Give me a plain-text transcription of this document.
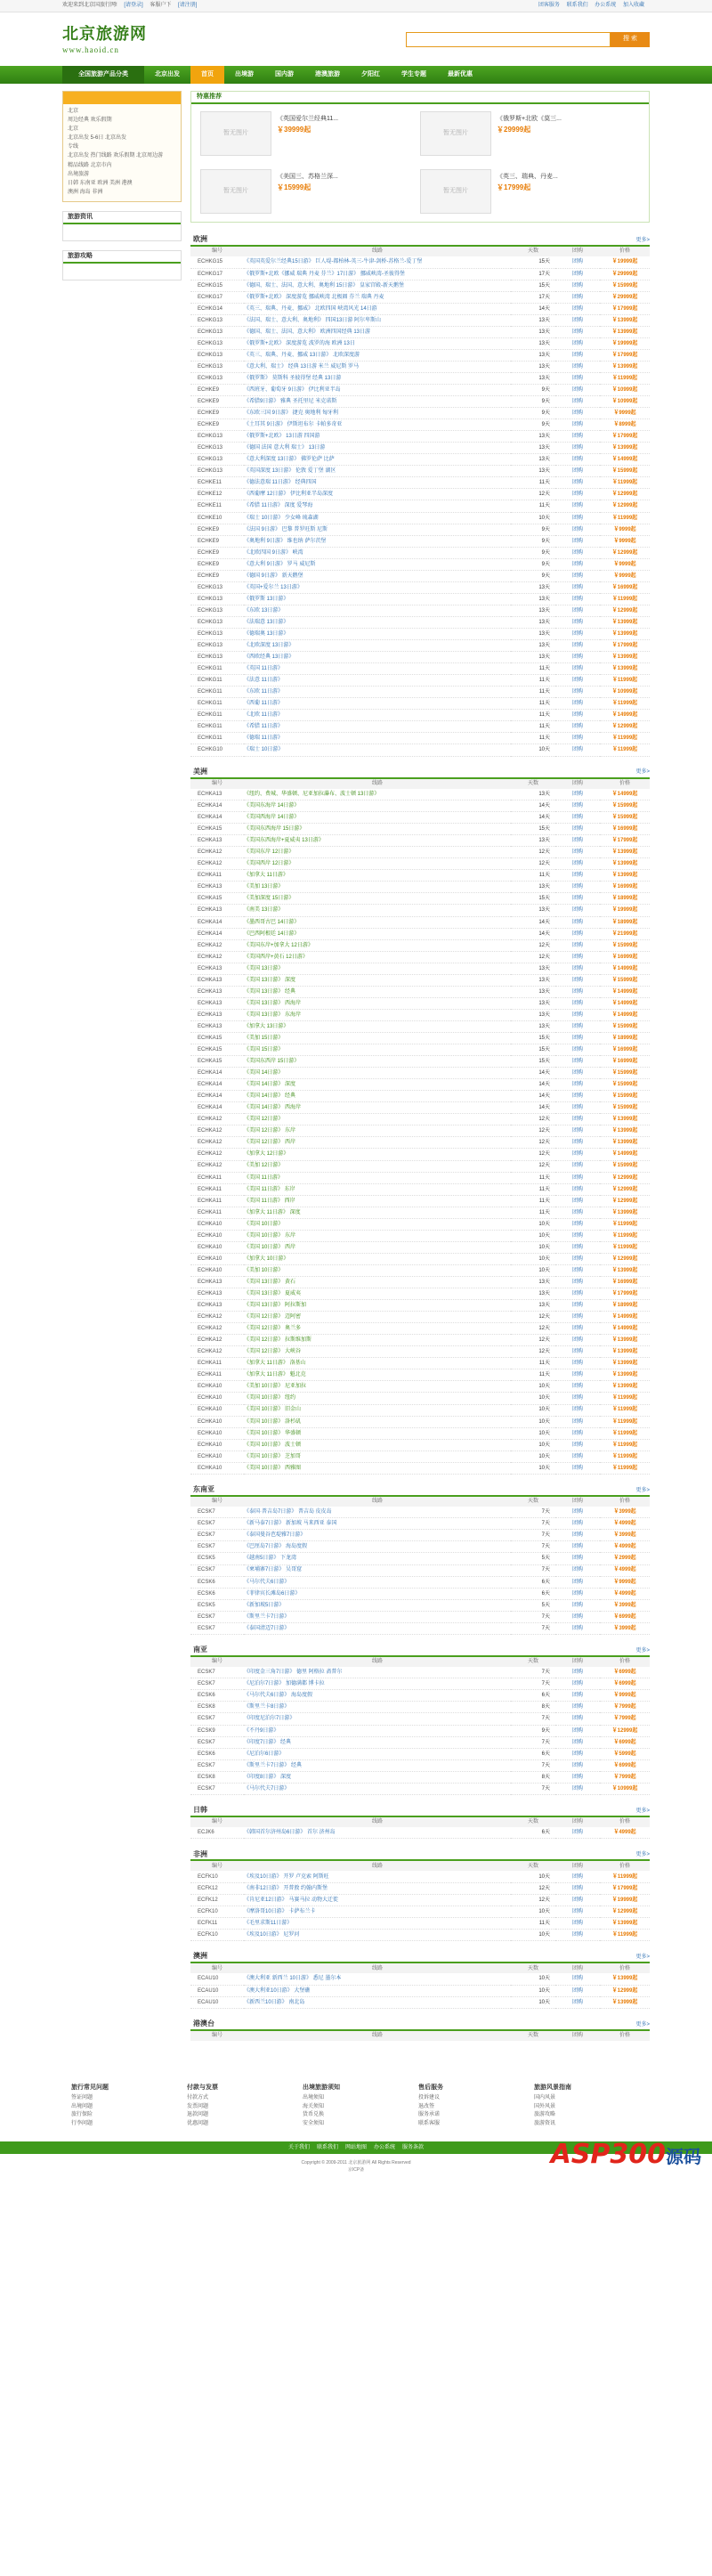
欢迎来到北京国旅行网! [请登录] 客服户下 [请注册]	团客服务 联系我们 办公系统 加入收藏
北京旅游网
www.haoid.cn
搜 索
全国旅游产品分类	北京出发	首页	出境游	国内游	港澳旅游	夕阳红	学生专题	最新优惠

北京

周边经典 欢乐假期

北京

北京出发 5-6日 北京出发

专线

北京出发 热门线路 欢乐假期 北京周边游

精品线路 北京市内

出境旅游

日韩 东南亚 欧洲 美洲 港澳

澳洲 海岛 非洲

旅游资讯
旅游攻略
特惠推荐
暂无图片
《英国爱尔兰经典11...
￥39999起	暂无图片
《俄罗斯+北欧《莫三...
￥29999起
暂无图片
《美国三、苏格兰深...
￥15999起	暂无图片
《英三、瑞典、丹麦...
￥17999起
欧洲	更多>
编号	线路	天数	团购	价格
ECHKG15	《英国英爱尔兰经典15日游》 巨人堤-都柏林-英三-牛津-剑桥-苏格兰-爱丁堡	15天	团购	￥19999起
ECHKG17	《俄罗斯+北欧《挪威 瑞典 丹麦 芬兰》17日游》 挪威峡湾-圣彼得堡	17天	团购	￥29999起
ECHKG15	《德国、瑞士、法国、意大利、奥地利 15日游》 皇家宫殿-新天鹅堡	15天	团购	￥15999起
ECHKG17	《俄罗斯+北欧》 深度游览 挪威峡湾 北极圈 芬兰 瑞典 丹麦	17天	团购	￥29999起
ECHKG14	《英三、瑞典、丹麦、挪威》 北欧四国 峡湾风光 14日游	14天	团购	￥17999起
ECHKG13	《法国、瑞士、意大利、奥地利》 四国13日游 阿尔卑斯山	13天	团购	￥13999起
ECHKG13	《德国、瑞士、法国、意大利》 欧洲四国经典 13日游	13天	团购	￥13999起
ECHKG13	《俄罗斯+北欧》 深度游览 波罗的海 欧洲 13日	13天	团购	￥19999起
ECHKG13	《英三、瑞典、丹麦、挪威 13日游》 北欧深度游	13天	团购	￥17999起
ECHKG13	《意大利、瑞士》 经典 13日游 米兰 威尼斯 罗马	13天	团购	￥13999起
ECHKG13	《俄罗斯》 莫斯科 圣彼得堡 经典 13日游	13天	团购	￥11999起
ECHKE9	《西班牙、葡萄牙 9日游》 伊比利亚半岛	9天	团购	￥10999起
ECHKE9	《希腊9日游》 雅典 圣托里尼 米克诺斯	9天	团购	￥10999起
ECHKE9	《东欧三国 9日游》 捷克 奥地利 匈牙利	9天	团购	￥9999起
ECHKE9	《土耳其 9日游》 伊斯坦布尔 卡帕多奇亚	9天	团购	￥8999起
ECHKG13	《俄罗斯+北欧》 13日游 四国游	13天	团购	￥17999起
ECHKG13	《德国 法国 意大利 瑞士》 13日游	13天	团购	￥13999起
ECHKG13	《意大利深度 13日游》 佛罗伦萨 比萨	13天	团购	￥14999起
ECHKG13	《英国深度 13日游》 伦敦 爱丁堡 湖区	13天	团购	￥15999起
ECHKE11	《德法意瑞 11日游》 经典四国	11天	团购	￥11999起
ECHKE12	《西葡摩 12日游》 伊比利亚半岛深度	12天	团购	￥12999起
ECHKE11	《希腊 11日游》 深度 爱琴海	11天	团购	￥12999起
ECHKE10	《瑞士 10日游》 少女峰 琉森湖	10天	团购	￥11999起
ECHKE9	《法国 9日游》 巴黎 普罗旺斯 尼斯	9天	团购	￥9999起
ECHKE9	《奥地利 9日游》 维也纳 萨尔茨堡	9天	团购	￥9999起
ECHKE9	《北欧四国 9日游》 峡湾	9天	团购	￥12999起
ECHKE9	《意大利 9日游》 罗马 威尼斯	9天	团购	￥9999起
ECHKE9	《德国 9日游》 新天鹅堡	9天	团购	￥9999起
ECHKG13	《英国+爱尔兰 13日游》	13天	团购	￥16999起
ECHKG13	《俄罗斯 13日游》	13天	团购	￥11999起
ECHKG13	《东欧 13日游》	13天	团购	￥12999起
ECHKG13	《法瑞意 13日游》	13天	团购	￥13999起
ECHKG13	《德瑞奥 13日游》	13天	团购	￥13999起
ECHKG13	《北欧深度 13日游》	13天	团购	￥17999起
ECHKG13	《西欧经典 13日游》	13天	团购	￥13999起
ECHKG11	《英国 11日游》	11天	团购	￥13999起
ECHKG11	《法意 11日游》	11天	团购	￥11999起
ECHKG11	《东欧 11日游》	11天	团购	￥10999起
ECHKG11	《西葡 11日游》	11天	团购	￥11999起
ECHKG11	《北欧 11日游》	11天	团购	￥14999起
ECHKG11	《希腊 11日游》	11天	团购	￥12999起
ECHKG11	《德瑞 11日游》	11天	团购	￥11999起
ECHKG10	《瑞士 10日游》	10天	团购	￥11999起
美洲	更多>
编号	线路	天数	团购	价格
ECHKA13	《纽约、费城、华盛顿、尼亚加拉瀑布、波士顿 13日游》	13天	团购	￥14999起
ECHKA14	《美国东海岸 14日游》	14天	团购	￥15999起
ECHKA14	《美国西海岸 14日游》	14天	团购	￥15999起
ECHKA15	《美国东西海岸 15日游》	15天	团购	￥16999起
ECHKA13	《美国东西海岸+夏威夷 13日游》	13天	团购	￥17999起
ECHKA12	《美国东岸 12日游》	12天	团购	￥13999起
ECHKA12	《美国西岸 12日游》	12天	团购	￥13999起
ECHKA11	《加拿大 11日游》	11天	团购	￥13999起
ECHKA13	《美加 13日游》	13天	团购	￥16999起
ECHKA15	《美加深度 15日游》	15天	团购	￥18999起
ECHKA13	《南美 13日游》	13天	团购	￥19999起
ECHKA14	《墨西哥古巴 14日游》	14天	团购	￥18999起
ECHKA14	《巴西阿根廷 14日游》	14天	团购	￥21999起
ECHKA12	《美国东岸+加拿大 12日游》	12天	团购	￥15999起
ECHKA12	《美国西岸+黄石 12日游》	12天	团购	￥16999起
ECHKA13	《美国 13日游》	13天	团购	￥14999起
ECHKA13	《美国 13日游》 深度	13天	团购	￥15999起
ECHKA13	《美国 13日游》 经典	13天	团购	￥14999起
ECHKA13	《美国 13日游》 西海岸	13天	团购	￥14999起
ECHKA13	《美国 13日游》 东海岸	13天	团购	￥14999起
ECHKA13	《加拿大 13日游》	13天	团购	￥15999起
ECHKA15	《美加 15日游》	15天	团购	￥18999起
ECHKA15	《美国 15日游》	15天	团购	￥16999起
ECHKA15	《美国东西岸 15日游》	15天	团购	￥16999起
ECHKA14	《美国 14日游》	14天	团购	￥15999起
ECHKA14	《美国 14日游》 深度	14天	团购	￥15999起
ECHKA14	《美国 14日游》 经典	14天	团购	￥15999起
ECHKA14	《美国 14日游》 西海岸	14天	团购	￥15999起
ECHKA12	《美国 12日游》	12天	团购	￥13999起
ECHKA12	《美国 12日游》 东岸	12天	团购	￥13999起
ECHKA12	《美国 12日游》 西岸	12天	团购	￥13999起
ECHKA12	《加拿大 12日游》	12天	团购	￥14999起
ECHKA12	《美加 12日游》	12天	团购	￥15999起
ECHKA11	《美国 11日游》	11天	团购	￥12999起
ECHKA11	《美国 11日游》 东岸	11天	团购	￥12999起
ECHKA11	《美国 11日游》 西岸	11天	团购	￥12999起
ECHKA11	《加拿大 11日游》 深度	11天	团购	￥13999起
ECHKA10	《美国 10日游》	10天	团购	￥11999起
ECHKA10	《美国 10日游》 东岸	10天	团购	￥11999起
ECHKA10	《美国 10日游》 西岸	10天	团购	￥11999起
ECHKA10	《加拿大 10日游》	10天	团购	￥12999起
ECHKA10	《美加 10日游》	10天	团购	￥13999起
ECHKA13	《美国 13日游》 黄石	13天	团购	￥16999起
ECHKA13	《美国 13日游》 夏威夷	13天	团购	￥17999起
ECHKA13	《美国 13日游》 阿拉斯加	13天	团购	￥18999起
ECHKA12	《美国 12日游》 迈阿密	12天	团购	￥14999起
ECHKA12	《美国 12日游》 奥兰多	12天	团购	￥14999起
ECHKA12	《美国 12日游》 拉斯维加斯	12天	团购	￥13999起
ECHKA12	《美国 12日游》 大峡谷	12天	团购	￥13999起
ECHKA11	《加拿大 11日游》 洛基山	11天	团购	￥13999起
ECHKA11	《加拿大 11日游》 魁北克	11天	团购	￥13999起
ECHKA10	《美加 10日游》 尼亚加拉	10天	团购	￥13999起
ECHKA10	《美国 10日游》 纽约	10天	团购	￥11999起
ECHKA10	《美国 10日游》 旧金山	10天	团购	￥11999起
ECHKA10	《美国 10日游》 洛杉矶	10天	团购	￥11999起
ECHKA10	《美国 10日游》 华盛顿	10天	团购	￥11999起
ECHKA10	《美国 10日游》 波士顿	10天	团购	￥11999起
ECHKA10	《美国 10日游》 芝加哥	10天	团购	￥11999起
ECHKA10	《美国 10日游》 西雅图	10天	团购	￥11999起
东南亚	更多>
编号	线路	天数	团购	价格
ECSK7	《泰国·普吉岛7日游》 普吉岛 皮皮岛	7天	团购	￥3999起
ECSK7	《新马泰7日游》 新加坡 马来西亚 泰国	7天	团购	￥4999起
ECSK7	《泰国曼谷芭堤雅7日游》	7天	团购	￥3999起
ECSK7	《巴厘岛7日游》 海岛度假	7天	团购	￥4999起
ECSK5	《越南5日游》 下龙湾	5天	团购	￥2999起
ECSK7	《柬埔寨7日游》 吴哥窟	7天	团购	￥4999起
ECSK6	《马尔代夫6日游》	6天	团购	￥9999起
ECSK6	《菲律宾长滩岛6日游》	6天	团购	￥4999起
ECSK5	《新加坡5日游》	5天	团购	￥3999起
ECSK7	《斯里兰卡7日游》	7天	团购	￥6999起
ECSK7	《泰国清迈7日游》	7天	团购	￥3999起
南亚	更多>
编号	线路	天数	团购	价格
ECSK7	《印度金三角7日游》 德里 阿格拉 斋普尔	7天	团购	￥6999起
ECSK7	《尼泊尔7日游》 加德满都 博卡拉	7天	团购	￥6999起
ECSK6	《马尔代夫6日游》 海岛度假	6天	团购	￥9999起
ECSK8	《斯里兰卡8日游》	8天	团购	￥7999起
ECSK7	《印度尼泊尔7日游》	7天	团购	￥7999起
ECSK9	《不丹9日游》	9天	团购	￥12999起
ECSK7	《印度7日游》 经典	7天	团购	￥6999起
ECSK6	《尼泊尔6日游》	6天	团购	￥5999起
ECSK7	《斯里兰卡7日游》 经典	7天	团购	￥6999起
ECSK8	《印度8日游》 深度	8天	团购	￥7999起
ECSK7	《马尔代夫7日游》	7天	团购	￥10999起
日韩	更多>
编号	线路	天数	团购	价格
ECJK6	《韩国首尔济州岛6日游》 首尔 济州岛	6天	团购	￥4999起
非洲	更多>
编号	线路	天数	团购	价格
ECFK10	《埃及10日游》 开罗 卢克索 阿斯旺	10天	团购	￥11999起
ECFK12	《南非12日游》 开普敦 约翰内斯堡	12天	团购	￥17999起
ECFK12	《肯尼亚12日游》 马赛马拉 动物大迁徙	12天	团购	￥19999起
ECFK10	《摩洛哥10日游》 卡萨布兰卡	10天	团购	￥12999起
ECFK11	《毛里求斯11日游》	11天	团购	￥13999起
ECFK10	《埃及10日游》 尼罗河	10天	团购	￥11999起
澳洲	更多>
编号	线路	天数	团购	价格
ECAU10	《澳大利亚 新西兰 10日游》 悉尼 墨尔本	10天	团购	￥13999起
ECAU10	《澳大利亚10日游》 大堡礁	10天	团购	￥12999起
ECAU10	《新西兰10日游》 南北岛	10天	团购	￥13999起
港澳台	更多>
编号	线路	天数	团购	价格
旅行常见问题
签证问题
出境问题
旅行保险
行李问题
付款与发票
付款方式
发票问题
退款问题
优惠问题
出境旅游须知
出境须知
海关须知
货币兑换
安全须知
售后服务
投诉建议
退改签
服务承诺
联系客服
旅游风景指南
国内风景
国外风景
旅游攻略
旅游资讯
关于我们 联系我们 网站地图 办公系统 服务条款
Copyright © 2009-2011 北京旅游网 All Rights Reserved
京ICP备	ASP300源码
